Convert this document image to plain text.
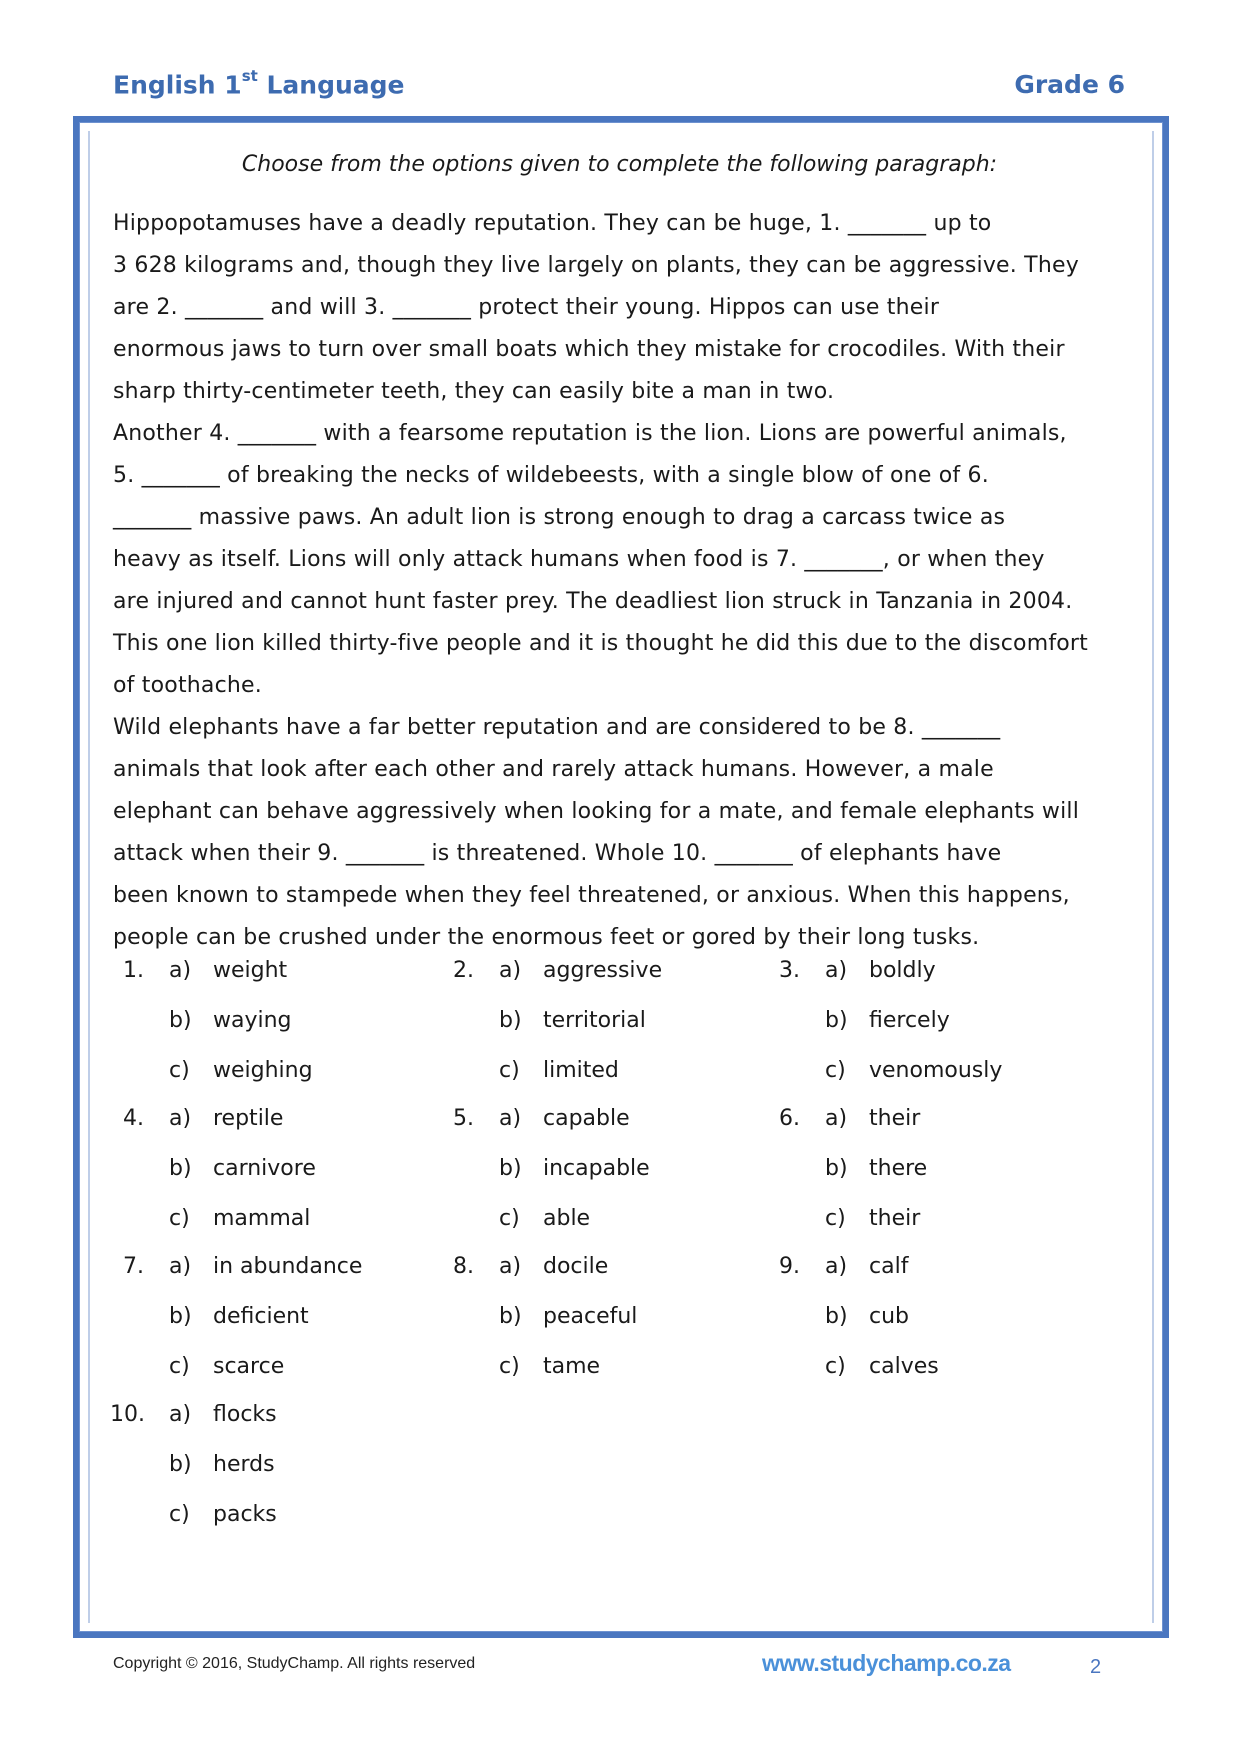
English 1st Language	Grade 6
Choose from the options given to complete the following paragraph:
Hippopotamuses have a deadly reputation. They can be huge, 1. _______ up to
3 628 kilograms and, though they live largely on plants, they can be aggressive. They
are 2. _______ and will 3. _______ protect their young. Hippos can use their
enormous jaws to turn over small boats which they mistake for crocodiles. With their
sharp thirty-centimeter teeth, they can easily bite a man in two.
Another 4. _______ with a fearsome reputation is the lion. Lions are powerful animals,
5. _______ of breaking the necks of wildebeests, with a single blow of one of 6.
_______ massive paws. An adult lion is strong enough to drag a carcass twice as
heavy as itself. Lions will only attack humans when food is 7. _______, or when they
are injured and cannot hunt faster prey. The deadliest lion struck in Tanzania in 2004.
This one lion killed thirty-five people and it is thought he did this due to the discomfort
of toothache.
Wild elephants have a far better reputation and are considered to be 8. _______
animals that look after each other and rarely attack humans. However, a male
elephant can behave aggressively when looking for a mate, and female elephants will
attack when their 9. _______ is threatened. Whole 10. _______ of elephants have
been known to stampede when they feel threatened, or anxious. When this happens,
people can be crushed under the enormous feet or gored by their long tusks.
1. a) weight
b) waying
c) weighing
2. a) aggressive
b) territorial
c) limited
3. a) boldly
b) fiercely
c) venomously
4. a) reptile
b) carnivore
c) mammal
5. a) capable
b) incapable
c) able
6. a) their
b) there
c) their
7. a) in abundance
b) deficient
c) scarce
8. a) docile
b) peaceful
c) tame
9. a) calf
b) cub
c) calves
10. a) flocks
b) herds
c) packs
Copyright © 2016, StudyChamp. All rights reserved	www.studychamp.co.za	2
